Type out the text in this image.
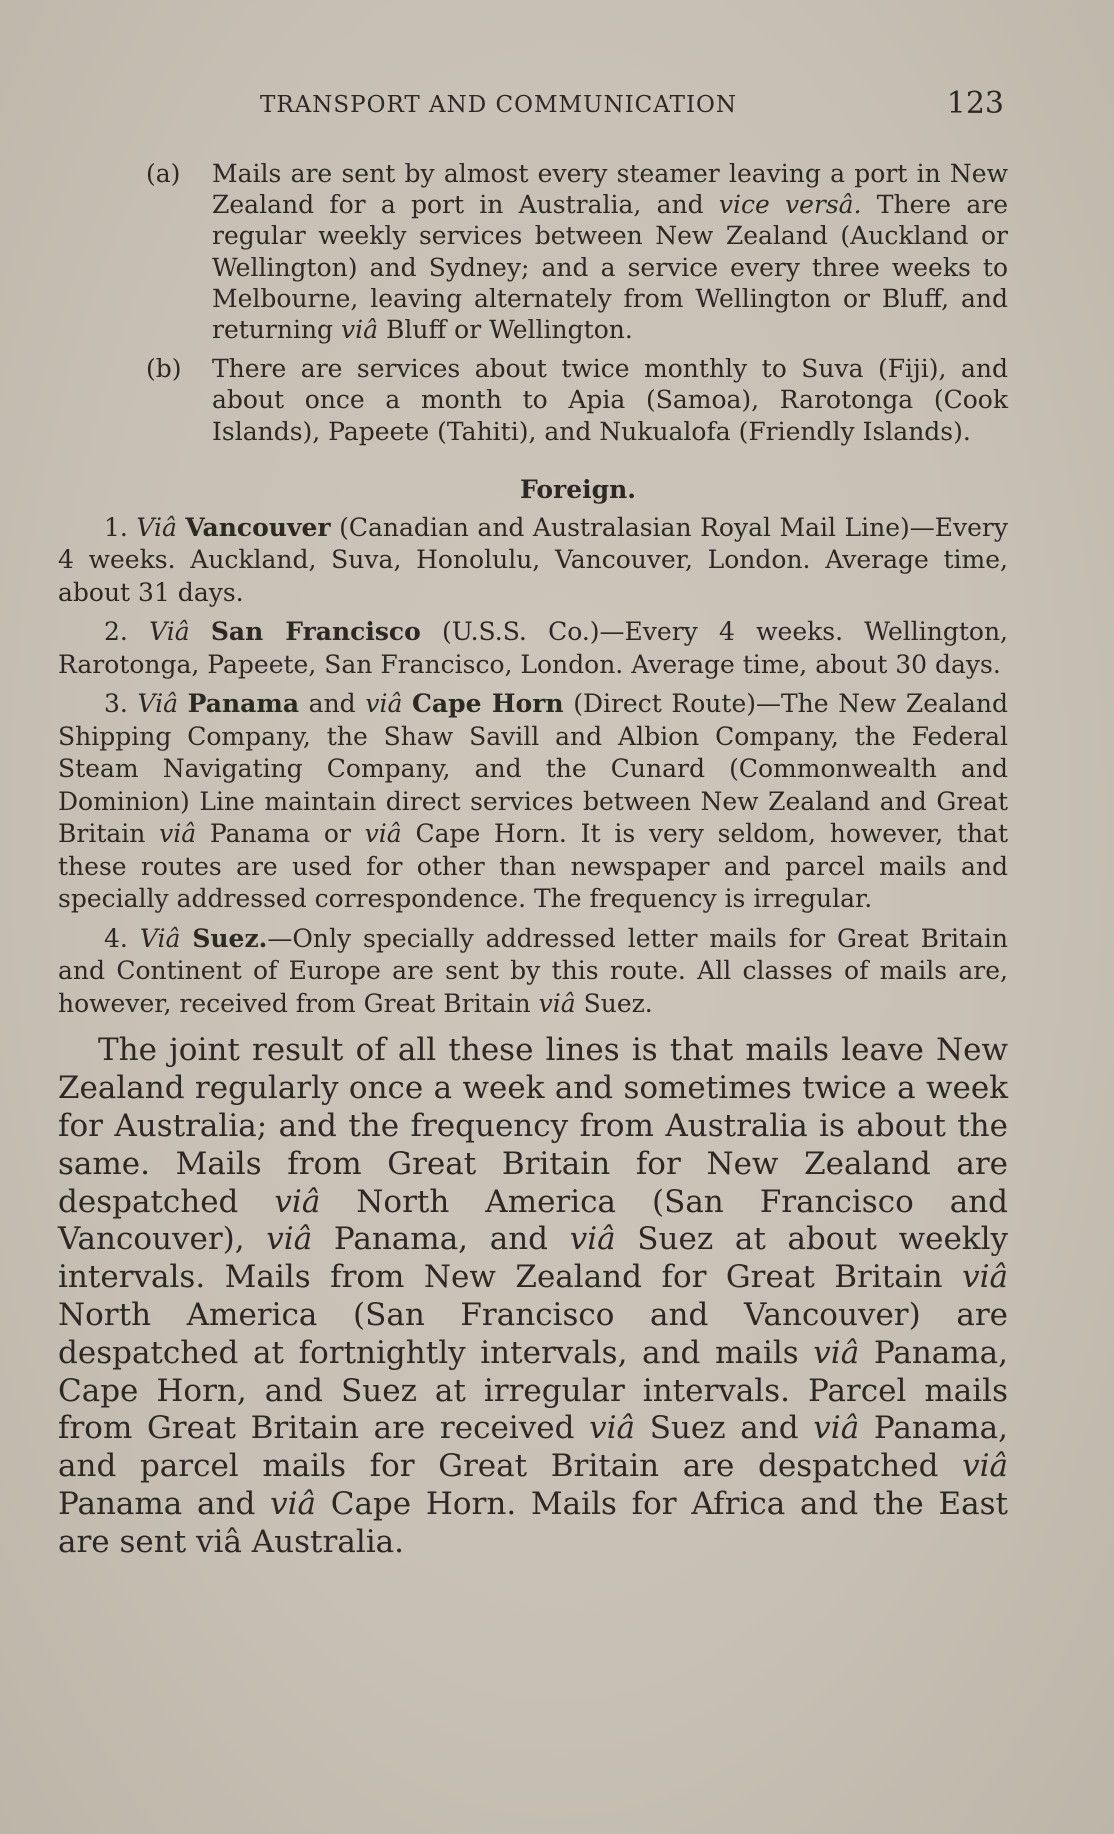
TRANSPORT AND COMMUNICATION	123
(a) Mails are sent by almost every steamer leaving a port in New Zealand for a port in Australia, and vice versâ. There are regular weekly services between New Zealand (Auckland or Wellington) and Sydney; and a service every three weeks to Melbourne, leaving alternately from Wellington or Bluff, and returning viâ Bluff or Wellington.
(b) There are services about twice monthly to Suva (Fiji), and about once a month to Apia (Samoa), Rarotonga (Cook Islands), Papeete (Tahiti), and Nukualofa (Friendly Islands).
Foreign.
1. Viâ Vancouver (Canadian and Australasian Royal Mail Line)—Every 4 weeks. Auckland, Suva, Honolulu, Vancouver, London. Average time, about 31 days.
2. Viâ San Francisco (U.S.S. Co.)—Every 4 weeks. Wellington, Rarotonga, Papeete, San Francisco, London. Average time, about 30 days.
3. Viâ Panama and viâ Cape Horn (Direct Route)—The New Zealand Shipping Company, the Shaw Savill and Albion Company, the Federal Steam Navigating Company, and the Cunard (Commonwealth and Dominion) Line maintain direct services between New Zealand and Great Britain viâ Panama or viâ Cape Horn. It is very seldom, however, that these routes are used for other than newspaper and parcel mails and specially addressed correspondence. The frequency is irregular.
4. Viâ Suez.—Only specially addressed letter mails for Great Britain and Continent of Europe are sent by this route. All classes of mails are, however, received from Great Britain viâ Suez.

The joint result of all these lines is that mails leave New Zealand regularly once a week and sometimes twice a week for Australia; and the frequency from Australia is about the same. Mails from Great Britain for New Zealand are despatched viâ North America (San Francisco and Vancouver), viâ Panama, and viâ Suez at about weekly intervals. Mails from New Zealand for Great Britain viâ North America (San Francisco and Vancouver) are despatched at fortnightly intervals, and mails viâ Panama, Cape Horn, and Suez at irregular intervals. Parcel mails from Great Britain are received viâ Suez and viâ Panama, and parcel mails for Great Britain are despatched viâ Panama and viâ Cape Horn. Mails for Africa and the East are sent viâ Australia.
